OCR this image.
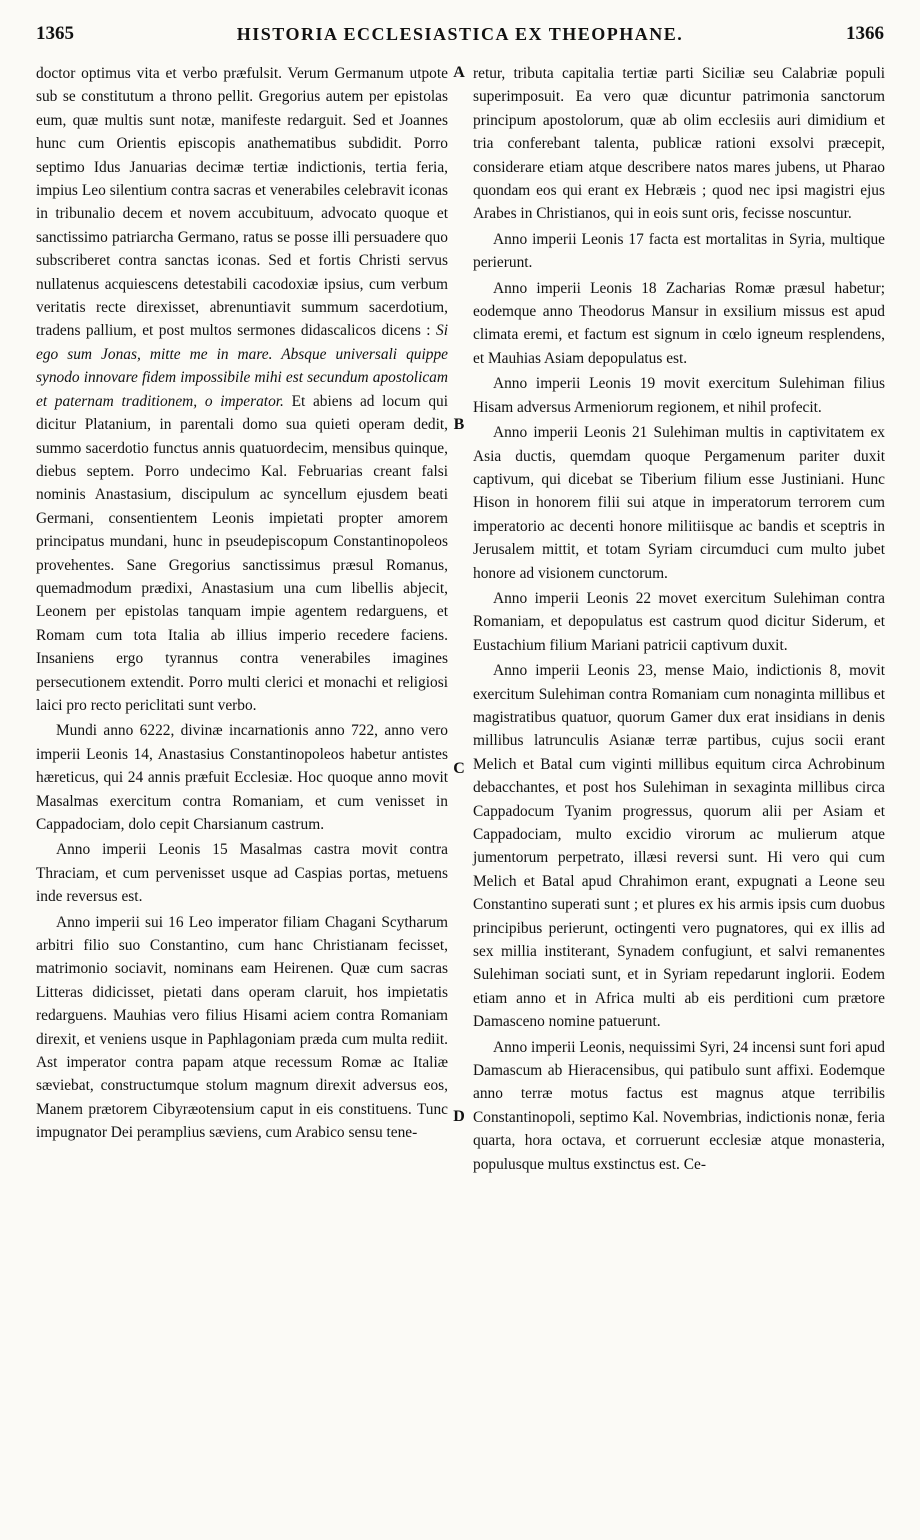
1365	HISTORIA ECCLESIASTICA EX THEOPHANE.	1366

doctor optimus vita et verbo præfulsit. Verum Germanum utpote sub se constitutum a throno pellit. Gregorius autem per epistolas eum, quæ multis sunt notæ, manifeste redarguit. Sed et Joannes hunc cum Orientis episcopis anathematibus subdidit. Porro septimo Idus Januarias decimæ tertiæ indictionis, tertia feria, impius Leo silentium contra sacras et venerabiles celebravit iconas in tribunalio decem et novem accubituum, advocato quoque et sanctissimo patriarcha Germano, ratus se posse illi persuadere quo subscriberet contra sanctas iconas. Sed et fortis Christi servus nullatenus acquiescens detestabili cacodoxiæ ipsius, cum verbum veritatis recte direxisset, abrenuntiavit summum sacerdotium, tradens pallium, et post multos sermones didascalicos dicens : Si ego sum Jonas, mitte me in mare. Absque universali quippe synodo innovare fidem impossibile mihi est secundum apostolicam et paternam traditionem, o imperator. Et abiens ad locum qui dicitur Platanium, in parentali domo sua quieti operam dedit, summo sacerdotio functus annis quatuordecim, mensibus quinque, diebus septem. Porro undecimo Kal. Februarias creant falsi nominis Anastasium, discipulum ac syncellum ejusdem beati Germani, consentientem Leonis impietati propter amorem principatus mundani, hunc in pseudepiscopum Constantinopoleos provehentes. Sane Gregorius sanctissimus præsul Romanus, quemadmodum prædixi, Anastasium una cum libellis abjecit, Leonem per epistolas tanquam impie agentem redarguens, et Romam cum tota Italia ab illius imperio recedere faciens. Insaniens ergo tyrannus contra venerabiles imagines persecutionem extendit. Porro multi clerici et monachi et religiosi laici pro recto periclitati sunt verbo.

Mundi anno 6222, divinæ incarnationis anno 722, anno vero imperii Leonis 14, Anastasius Constantinopoleos habetur antistes hæreticus, qui 24 annis præfuit Ecclesiæ. Hoc quoque anno movit Masalmas exercitum contra Romaniam, et cum venisset in Cappadociam, dolo cepit Charsianum castrum.

Anno imperii Leonis 15 Masalmas castra movit contra Thraciam, et cum pervenisset usque ad Caspias portas, metuens inde reversus est.

Anno imperii sui 16 Leo imperator filiam Chagani Scytharum arbitri filio suo Constantino, cum hanc Christianam fecisset, matrimonio sociavit, nominans eam Heirenen. Quæ cum sacras Litteras didicisset, pietati dans operam claruit, hos impietatis redarguens. Mauhias vero filius Hisami aciem contra Romaniam direxit, et veniens usque in Paphlagoniam præda cum multa rediit. Ast imperator contra papam atque recessum Romæ ac Italiæ sæviebat, constructumque stolum magnum direxit adversus eos, Manem prætorem Cibyræotensium caput in eis constituens. Tunc impugnator Dei peramplius sæviens, cum Arabico sensu tene-

A
B
C
D

retur, tributa capitalia tertiæ parti Siciliæ seu Calabriæ populi superimposuit. Ea vero quæ dicuntur patrimonia sanctorum principum apostolorum, quæ ab olim ecclesiis auri dimidium et tria conferebant talenta, publicæ rationi exsolvi præcepit, considerare etiam atque describere natos mares jubens, ut Pharao quondam eos qui erant ex Hebræis ; quod nec ipsi magistri ejus Arabes in Christianos, qui in eois sunt oris, fecisse noscuntur.

Anno imperii Leonis 17 facta est mortalitas in Syria, multique perierunt.

Anno imperii Leonis 18 Zacharias Romæ præsul habetur; eodemque anno Theodorus Mansur in exsilium missus est apud climata eremi, et factum est signum in cœlo igneum resplendens, et Mauhias Asiam depopulatus est.

Anno imperii Leonis 19 movit exercitum Sulehiman filius Hisam adversus Armeniorum regionem, et nihil profecit.

Anno imperii Leonis 21 Sulehiman multis in captivitatem ex Asia ductis, quemdam quoque Pergamenum pariter duxit captivum, qui dicebat se Tiberium filium esse Justiniani. Hunc Hison in honorem filii sui atque in imperatorum terrorem cum imperatorio ac decenti honore militiisque ac bandis et sceptris in Jerusalem mittit, et totam Syriam circumduci cum multo jubet honore ad visionem cunctorum.

Anno imperii Leonis 22 movet exercitum Sulehiman contra Romaniam, et depopulatus est castrum quod dicitur Siderum, et Eustachium filium Mariani patricii captivum duxit.

Anno imperii Leonis 23, mense Maio, indictionis 8, movit exercitum Sulehiman contra Romaniam cum nonaginta millibus et magistratibus quatuor, quorum Gamer dux erat insidians in denis millibus latrunculis Asianæ terræ partibus, cujus socii erant Melich et Batal cum viginti millibus equitum circa Achrobinum debacchantes, et post hos Sulehiman in sexaginta millibus circa Cappadocum Tyanim progressus, quorum alii per Asiam et Cappadociam, multo excidio virorum ac mulierum atque jumentorum perpetrato, illæsi reversi sunt. Hi vero qui cum Melich et Batal apud Chrahimon erant, expugnati a Leone seu Constantino superati sunt ; et plures ex his armis ipsis cum duobus principibus perierunt, octingenti vero pugnatores, qui ex illis ad sex millia institerant, Synadem confugiunt, et salvi remanentes Sulehiman sociati sunt, et in Syriam repedarunt inglorii. Eodem etiam anno et in Africa multi ab eis perditioni cum prætore Damasceno nomine patuerunt.

Anno imperii Leonis, nequissimi Syri, 24 incensi sunt fori apud Damascum ab Hieracensibus, qui patibulo sunt affixi. Eodemque anno terræ motus factus est magnus atque terribilis Constantinopoli, septimo Kal. Novembrias, indictionis nonæ, feria quarta, hora octava, et corruerunt ecclesiæ atque monasteria, populusque multus exstinctus est. Ce-
